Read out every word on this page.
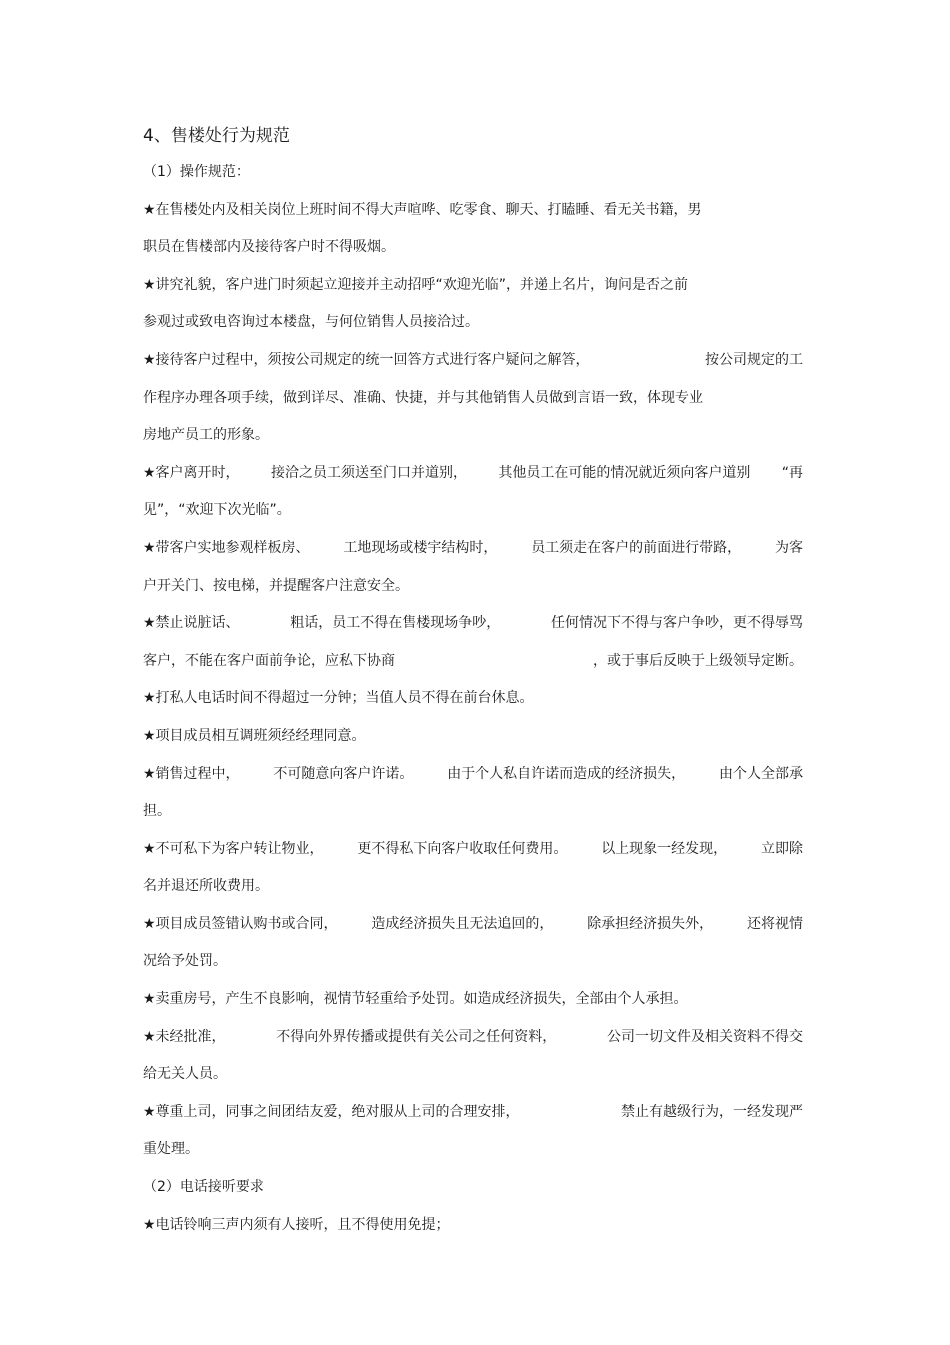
4、售楼处行为规范
（1）操作规范：
★在售楼处内及相关岗位上班时间不得大声喧哗、吃零食、聊天、打瞌睡、看无关书籍，男
职员在售楼部内及接待客户时不得吸烟。
★讲究礼貌，客户进门时须起立迎接并主动招呼“欢迎光临”，并递上名片，询问是否之前
参观过或致电咨询过本楼盘，与何位销售人员接洽过。
★接待客户过程中，须按公司规定的统一回答方式进行客户疑问之解答，	按公司规定的工
作程序办理各项手续，做到详尽、准确、快捷，并与其他销售人员做到言语一致，体现专业
房地产员工的形象。
★客户离开时， 接洽之员工须送至门口并道别， 其他员工在可能的情况就近须向客户道别 “再
见”，“欢迎下次光临”。
★带客户实地参观样板房、 工地现场或楼宇结构时， 员工须走在客户的前面进行带路， 为客
户开关门、按电梯，并提醒客户注意安全。
★禁止说脏话、	粗话，员工不得在售楼现场争吵，	任何情况下不得与客户争吵，更不得辱骂
客户，不能在客户面前争论，应私下协商	，或于事后反映于上级领导定断。
★打私人电话时间不得超过一分钟；当值人员不得在前台休息。
★项目成员相互调班须经经理同意。
★销售过程中， 不可随意向客户许诺。 由于个人私自许诺而造成的经济损失， 由个人全部承
担。
★不可私下为客户转让物业， 更不得私下向客户收取任何费用。 以上现象一经发现， 立即除
名并退还所收费用。
★项目成员签错认购书或合同， 造成经济损失且无法追回的， 除承担经济损失外， 还将视情
况给予处罚。
★卖重房号，产生不良影响，视情节轻重给予处罚。如造成经济损失，全部由个人承担。
★未经批准，	不得向外界传播或提供有关公司之任何资料，	公司一切文件及相关资料不得交
给无关人员。
★尊重上司，同事之间团结友爱，绝对服从上司的合理安排，	禁止有越级行为，一经发现严
重处理。
（2）电话接听要求
★电话铃响三声内须有人接听，且不得使用免提；
